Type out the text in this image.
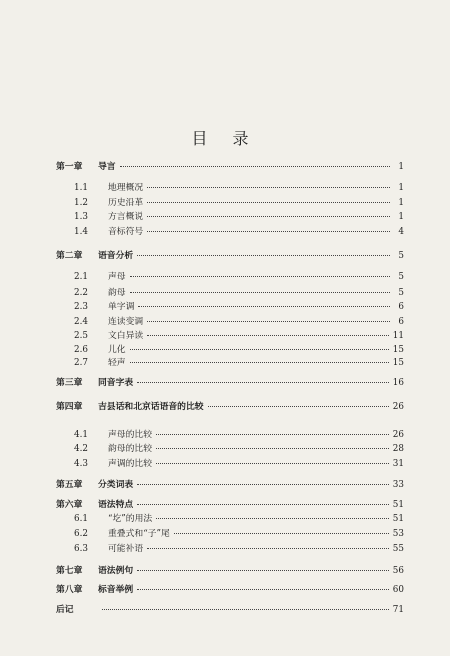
目 录
第一章	导言	1
1.1	地理概况	1
1.2	历史沿革	1
1.3	方言概说	1
1.4	音标符号	4
第二章	语音分析	5
2.1	声母	5
2.2	韵母	5
2.3	单字调	6
2.4	连读变调	6
2.5	文白异读	11
2.6	儿化	15
2.7	轻声	15
第三章	同音字表	16
第四章	吉县话和北京话语音的比较	26
4.1	声母的比较	26
4.2	韵母的比较	28
4.3	声调的比较	31
第五章	分类词表	33
第六章	语法特点	51
6.1	“圪”的用法	51
6.2	重叠式和“子”尾	53
6.3	可能补语	55
第七章	语法例句	56
第八章	标音举例	60
后记	71
